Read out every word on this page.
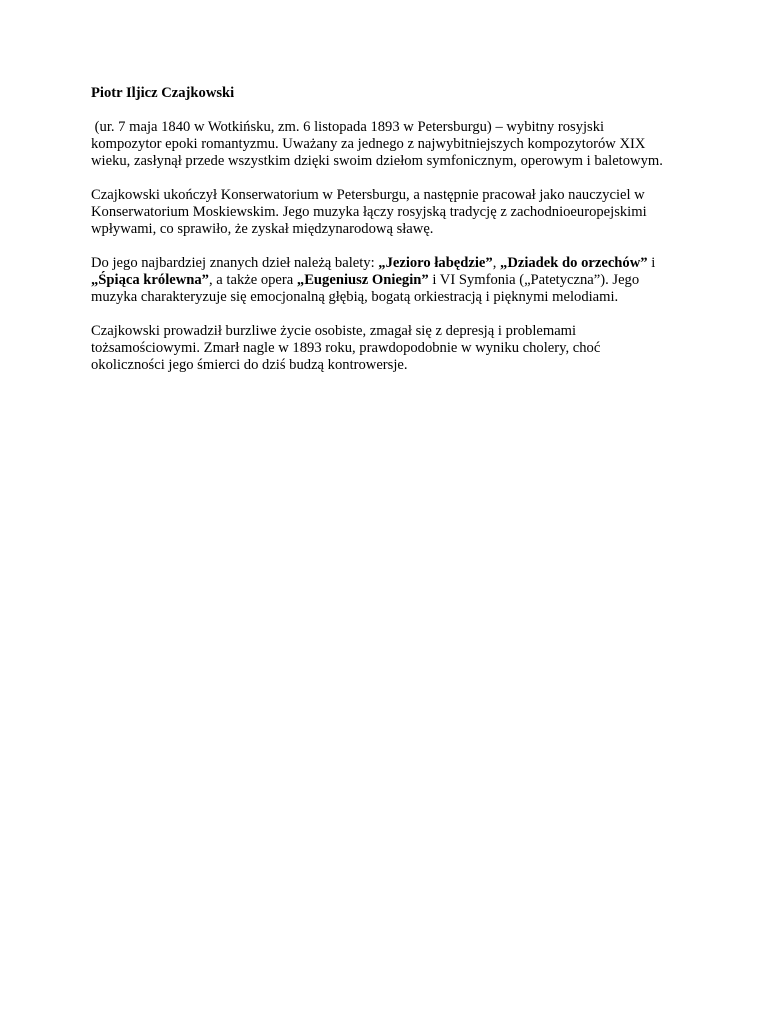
Piotr Iljicz Czajkowski

(ur. 7 maja 1840 w Wotkińsku, zm. 6 listopada 1893 w Petersburgu) – wybitny rosyjski kompozytor epoki romantyzmu. Uważany za jednego z najwybitniejszych kompozytorów XIX wieku, zasłynął przede wszystkim dzięki swoim dziełom symfonicznym, operowym i baletowym.

Czajkowski ukończył Konserwatorium w Petersburgu, a następnie pracował jako nauczyciel w Konserwatorium Moskiewskim. Jego muzyka łączy rosyjską tradycję z zachodnioeuropejskimi wpływami, co sprawiło, że zyskał międzynarodową sławę.

Do jego najbardziej znanych dzieł należą balety: „Jezioro łabędzie”, „Dziadek do orzechów” i „Śpiąca królewna”, a także opera „Eugeniusz Oniegin” i VI Symfonia („Patetyczna”). Jego muzyka charakteryzuje się emocjonalną głębią, bogatą orkiestracją i pięknymi melodiami.

Czajkowski prowadził burzliwe życie osobiste, zmagał się z depresją i problemami tożsamościowymi. Zmarł nagle w 1893 roku, prawdopodobnie w wyniku cholery, choć okoliczności jego śmierci do dziś budzą kontrowersje.
